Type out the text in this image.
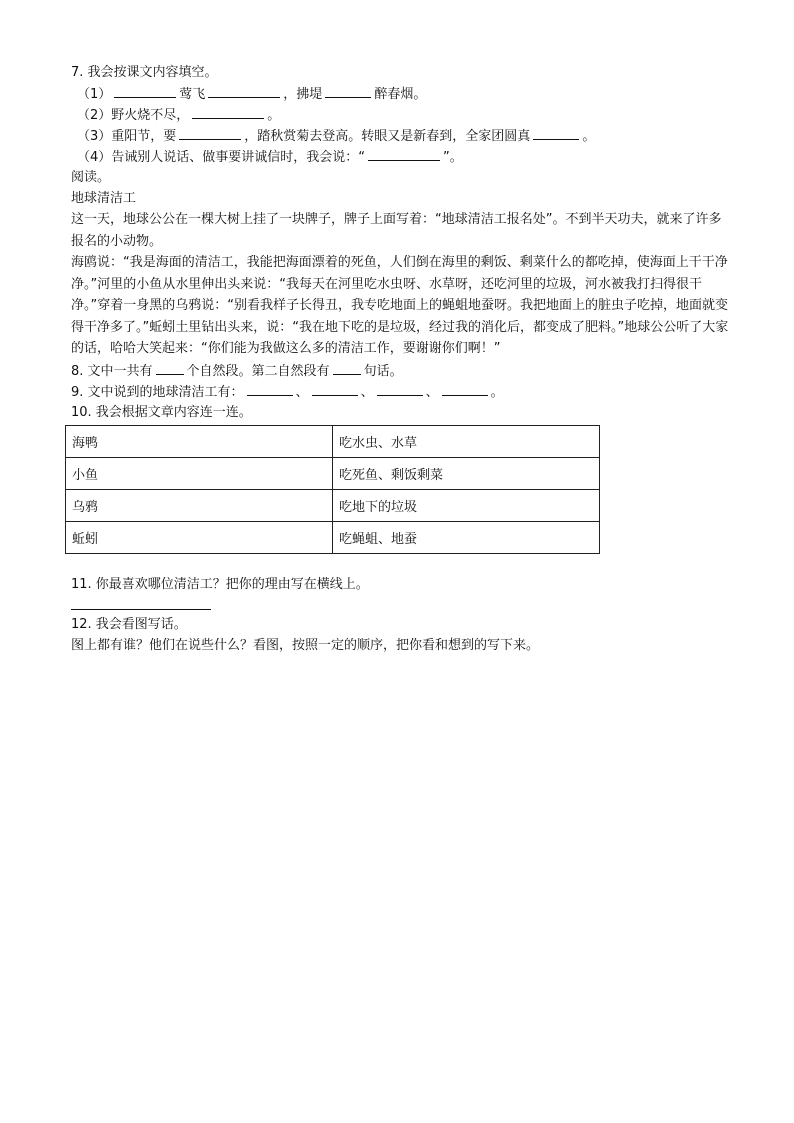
7. 我会按课文内容填空。
（1）	莺飞	，拂堤	醉春烟。
（2）野火烧不尽，	。
（3）重阳节，要	，踏秋赏菊去登高。转眼又是新春到，全家团圆真	。
（4）告诫别人说话、做事要讲诚信时，我会说：“	”。
阅读。
地球清洁工
这一天，地球公公在一棵大树上挂了一块牌子，牌子上面写着：“地球清洁工报名处”。不到半天功夫，就来了许多报名的小动物。
海鸥说：“我是海面的清洁工，我能把海面漂着的死鱼，人们倒在海里的剩饭、剩菜什么的都吃掉，使海面上干干净净。”河里的小鱼从水里伸出头来说：“我每天在河里吃水虫呀、水草呀，还吃河里的垃圾，河水被我打扫得很干净。”穿着一身黑的乌鸦说：“别看我样子长得丑，我专吃地面上的蝇蛆地蚕呀。我把地面上的脏虫子吃掉，地面就变得干净多了。”蚯蚓土里钻出头来，说：“我在地下吃的是垃圾，经过我的消化后，都变成了肥料。”地球公公听了大家的话，哈哈大笑起来：“你们能为我做这么多的清洁工作，要谢谢你们啊！”
8. 文中一共有	个自然段。第二自然段有	句话。
9. 文中说到的地球清洁工有：	、	、	、	。
10. 我会根据文章内容连一连。
海鸭	吃水虫、水草
小鱼	吃死鱼、剩饭剩菜
乌鸦	吃地下的垃圾
蚯蚓	吃蝇蛆、地蚕
11. 你最喜欢哪位清洁工？把你的理由写在横线上。
12. 我会看图写话。
图上都有谁？他们在说些什么？看图，按照一定的顺序，把你看和想到的写下来。
